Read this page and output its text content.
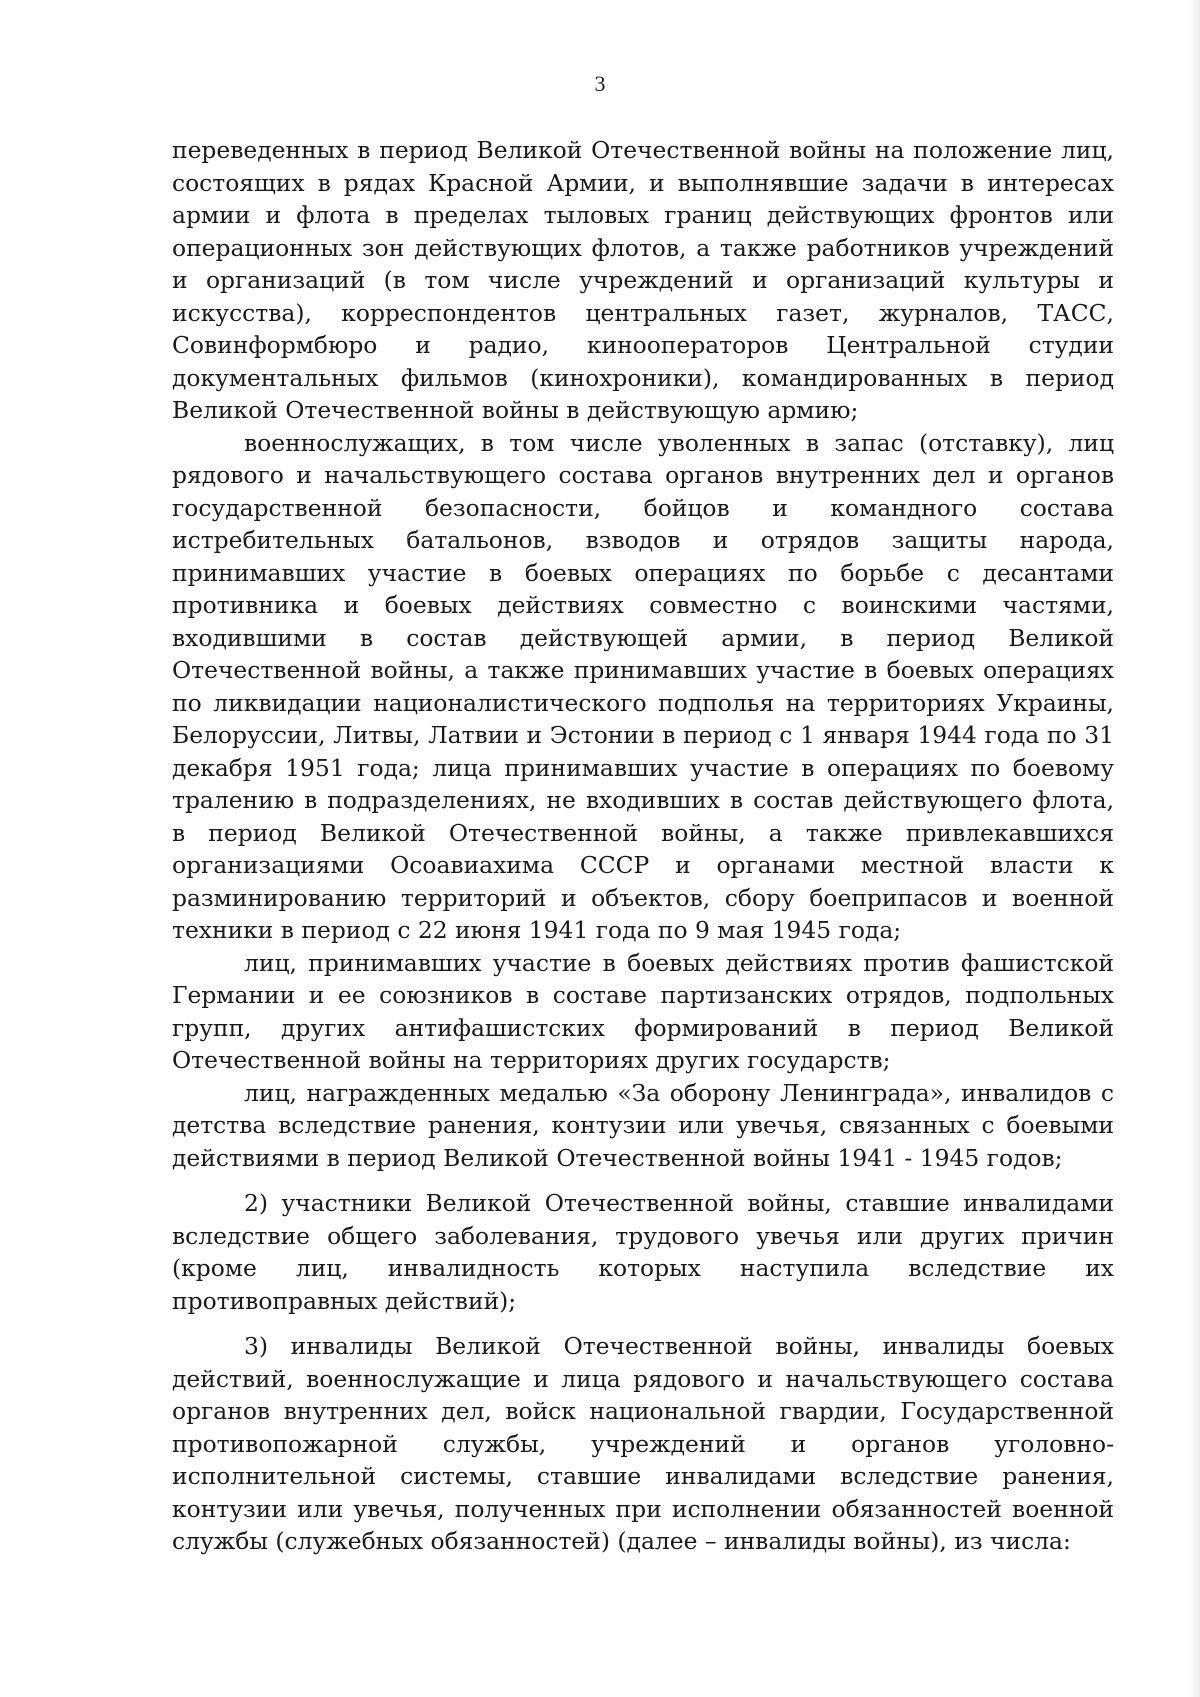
3

переведенных в период Великой Отечественной войны на положение лиц, состоящих в рядах Красной Армии, и выполнявшие задачи в интересах армии и флота в пределах тыловых границ действующих фронтов или операционных зон действующих флотов, а также работников учреждений и организаций (в том числе учреждений и организаций культуры и искусства), корреспондентов центральных газет, журналов, ТАСС, Совинформбюро и радио, кинооператоров Центральной студии документальных фильмов (кинохроники), командированных в период Великой Отечественной войны в действующую армию;

военнослужащих, в том числе уволенных в запас (отставку), лиц рядового и начальствующего состава органов внутренних дел и органов государственной безопасности, бойцов и командного состава истребительных батальонов, взводов и отрядов защиты народа, принимавших участие в боевых операциях по борьбе с десантами противника и боевых действиях совместно с воинскими частями, входившими в состав действующей армии, в период Великой Отечественной войны, а также принимавших участие в боевых операциях по ликвидации националистического подполья на территориях Украины, Белоруссии, Литвы, Латвии и Эстонии в период с 1 января 1944 года по 31 декабря 1951 года; лица принимавших участие в операциях по боевому тралению в подразделениях, не входивших в состав действующего флота, в период Великой Отечественной войны, а также привлекавшихся организациями Осоавиахима СССР и органами местной власти к разминированию территорий и объектов, сбору боеприпасов и военной техники в период с 22 июня 1941 года по 9 мая 1945 года;

лиц, принимавших участие в боевых действиях против фашистской Германии и ее союзников в составе партизанских отрядов, подпольных групп, других антифашистских формирований в период Великой Отечественной войны на территориях других государств;

лиц, награжденных медалью «За оборону Ленинграда», инвалидов с детства вследствие ранения, контузии или увечья, связанных с боевыми действиями в период Великой Отечественной войны 1941 - 1945 годов;

2) участники Великой Отечественной войны, ставшие инвалидами вследствие общего заболевания, трудового увечья или других причин (кроме лиц, инвалидность которых наступила вследствие их противоправных действий);

3) инвалиды Великой Отечественной войны, инвалиды боевых действий, военнослужащие и лица рядового и начальствующего состава органов внутренних дел, войск национальной гвардии, Государственной противопожарной службы, учреждений и органов уголовно-исполнительной системы, ставшие инвалидами вследствие ранения, контузии или увечья, полученных при исполнении обязанностей военной службы (служебных обязанностей) (далее – инвалиды войны), из числа:
